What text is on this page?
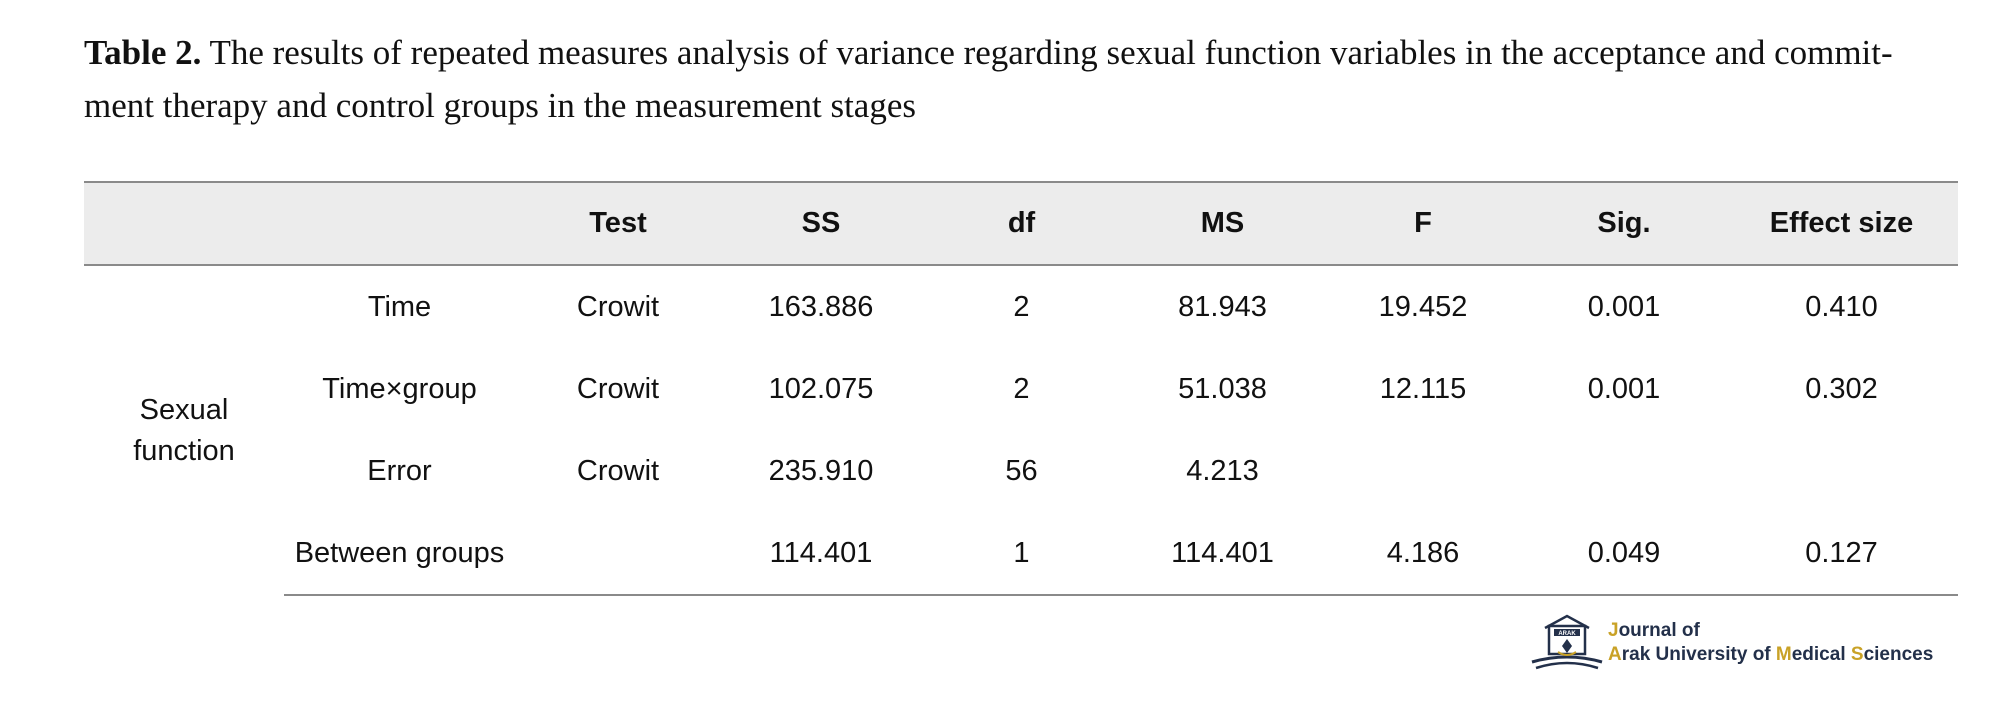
Table 2. The results of repeated measures analysis of variance regarding sexual function variables in the acceptance and commit-ment therapy and control groups in the measurement stages
		Test	SS	df	MS	F	Sig.	Effect size
Sexual
function	Time	Crowit	163.886	2	81.943	19.452	0.001	0.410
	Time×group	Crowit	102.075	2	51.038	12.115	0.001	0.302
	Error	Crowit	235.910	56	4.213			
	Between groups		114.401	1	114.401	4.186	0.049	0.127
ARAK Journal of
Arak University of Medical Sciences
